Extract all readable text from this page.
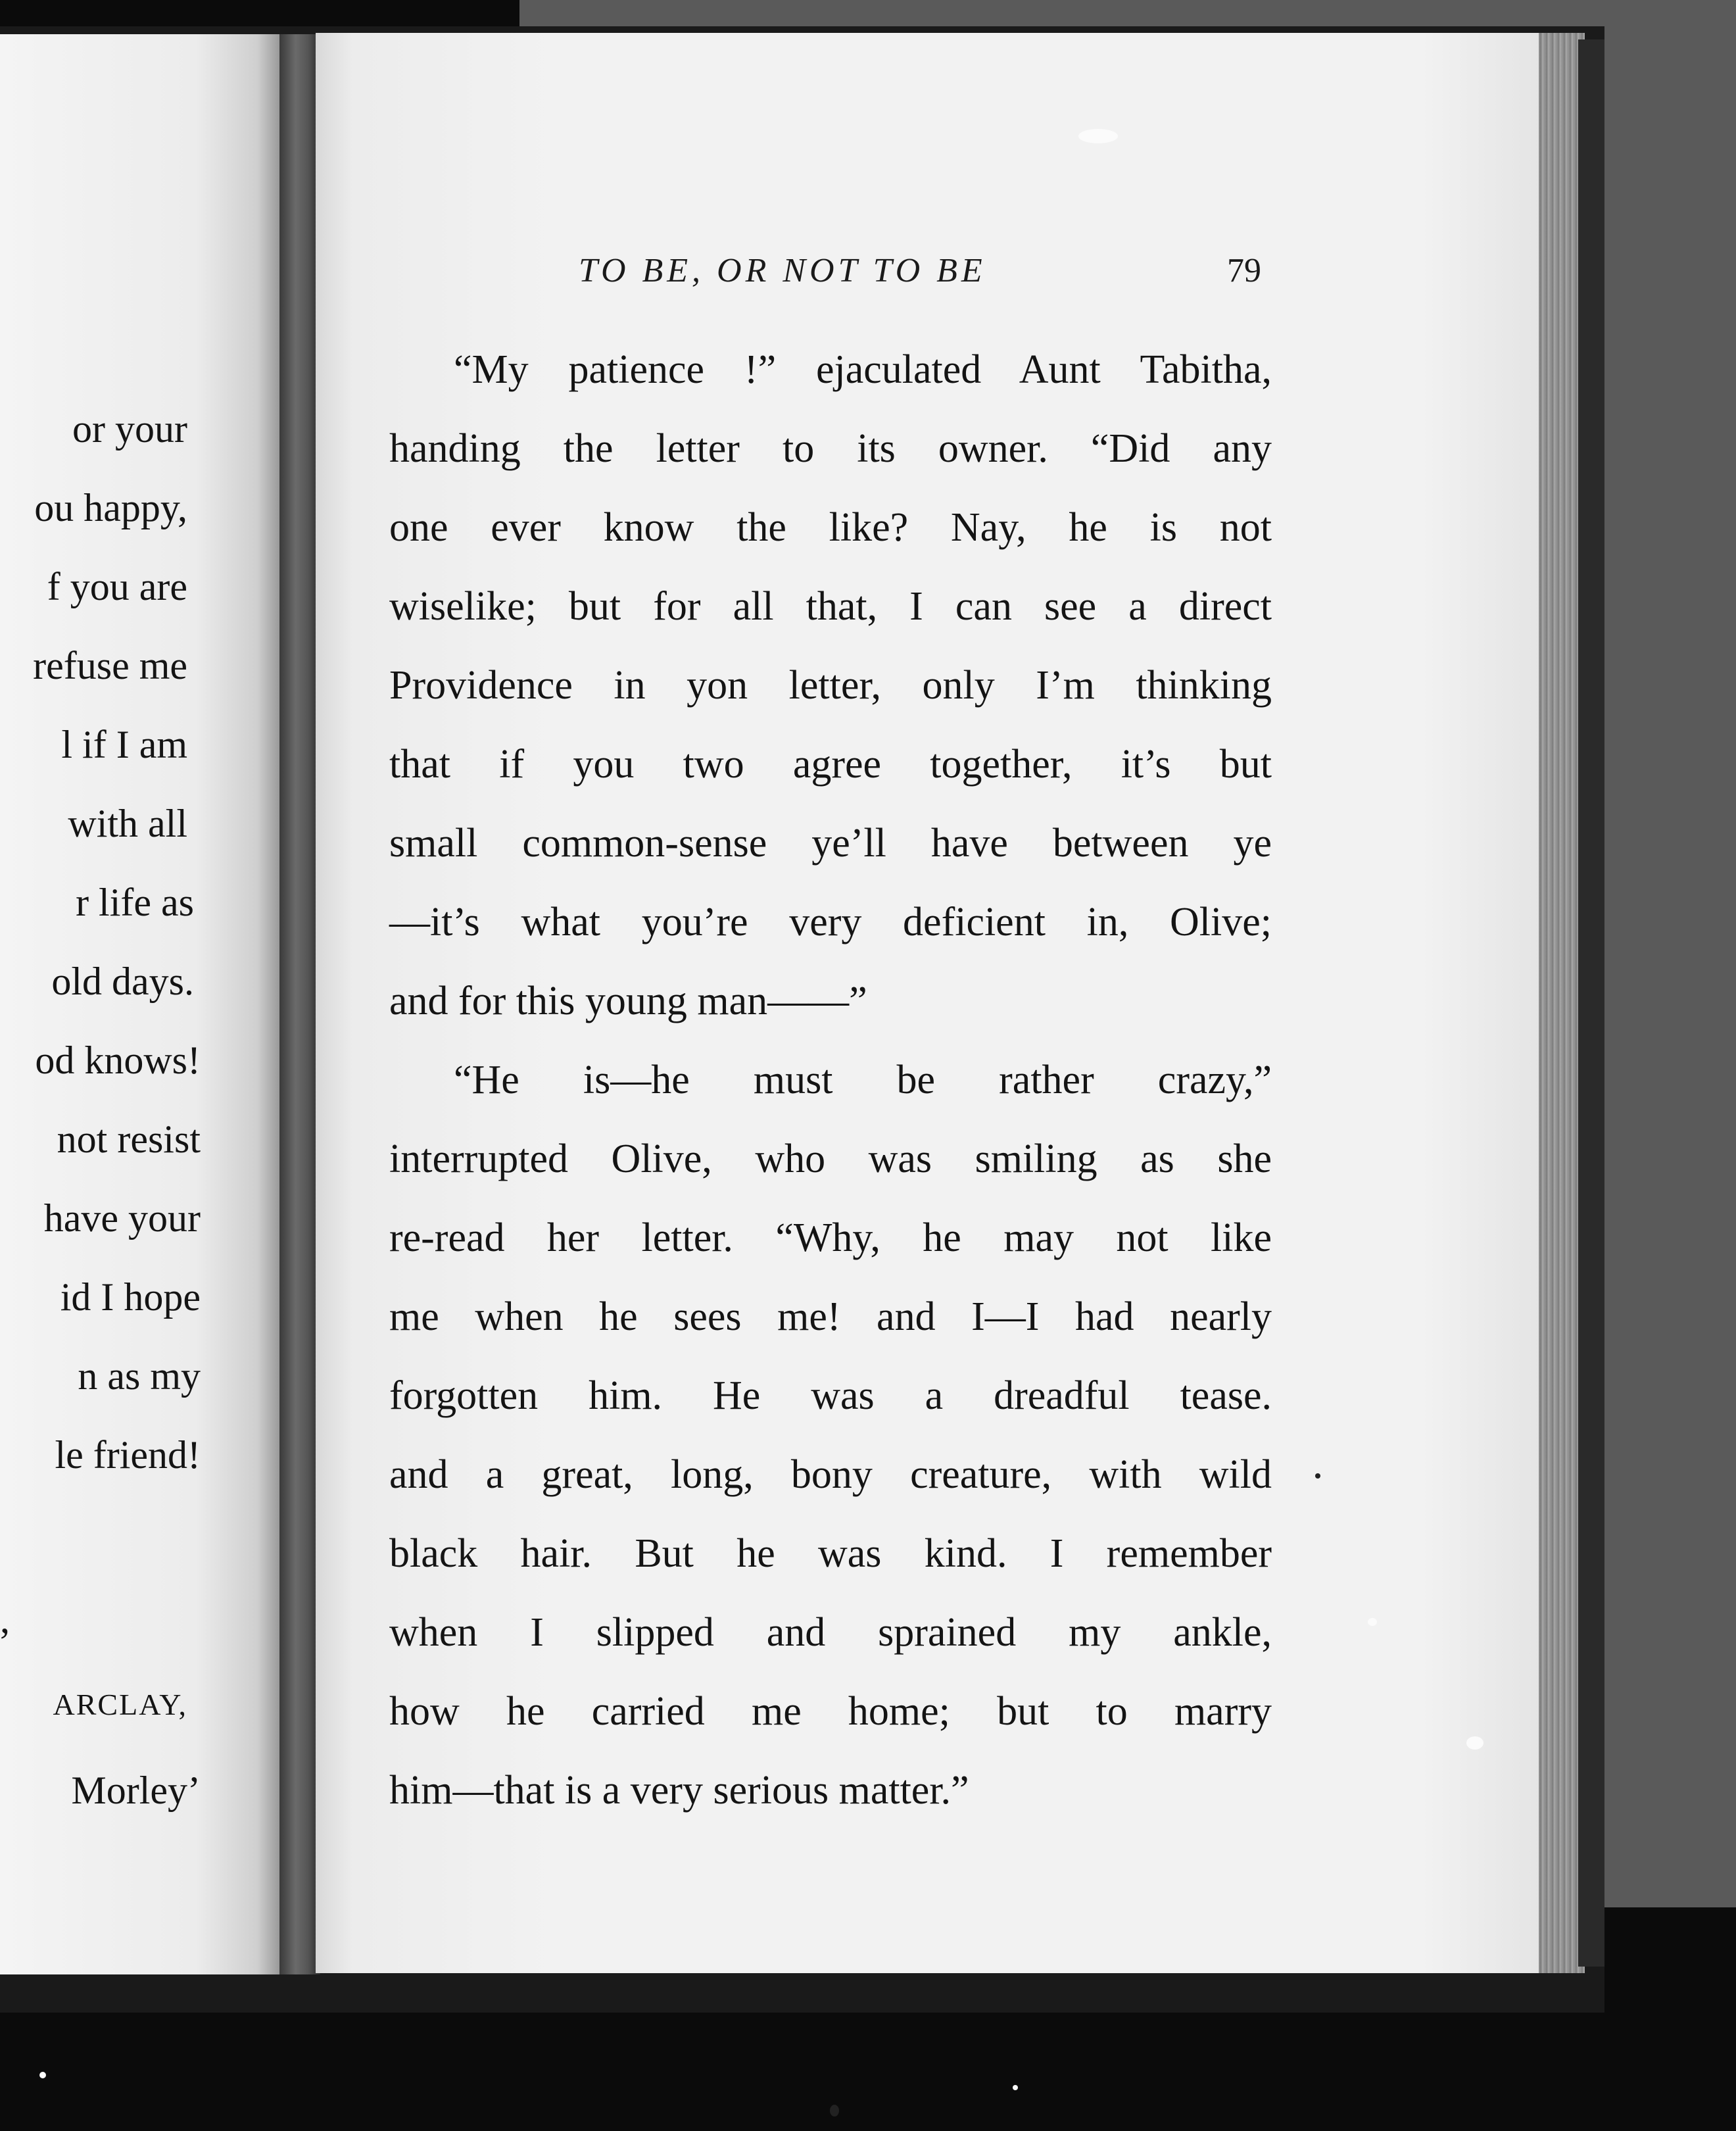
or your
ou happy,
f you are
refuse me
l if I am
with all
r life as
old days.
od knows!
not resist
have your
id I hope
n as my
le friend!
,
ARCLAY,
Morley’
TO BE, OR NOT TO BE	79
“My patience !” ejaculated Aunt Tabitha,
handing the letter to its owner. “Did any
one ever know the like? Nay, he is not
wiselike; but for all that, I can see a direct
Providence in yon letter, only I’m thinking
that if you two agree together, it’s but
small common-sense ye’ll have between ye
—it’s what you’re very deficient in, Olive;
and for this young man——”
“He is—he must be rather crazy,”
interrupted Olive, who was smiling as she
re-read her letter. “Why, he may not like
me when he sees me! and I—I had nearly
forgotten him. He was a dreadful tease.
and a great, long, bony creature, with wild
black hair. But he was kind. I remember
when I slipped and sprained my ankle,
how he carried me home; but to marry
him—that is a very serious matter.”
